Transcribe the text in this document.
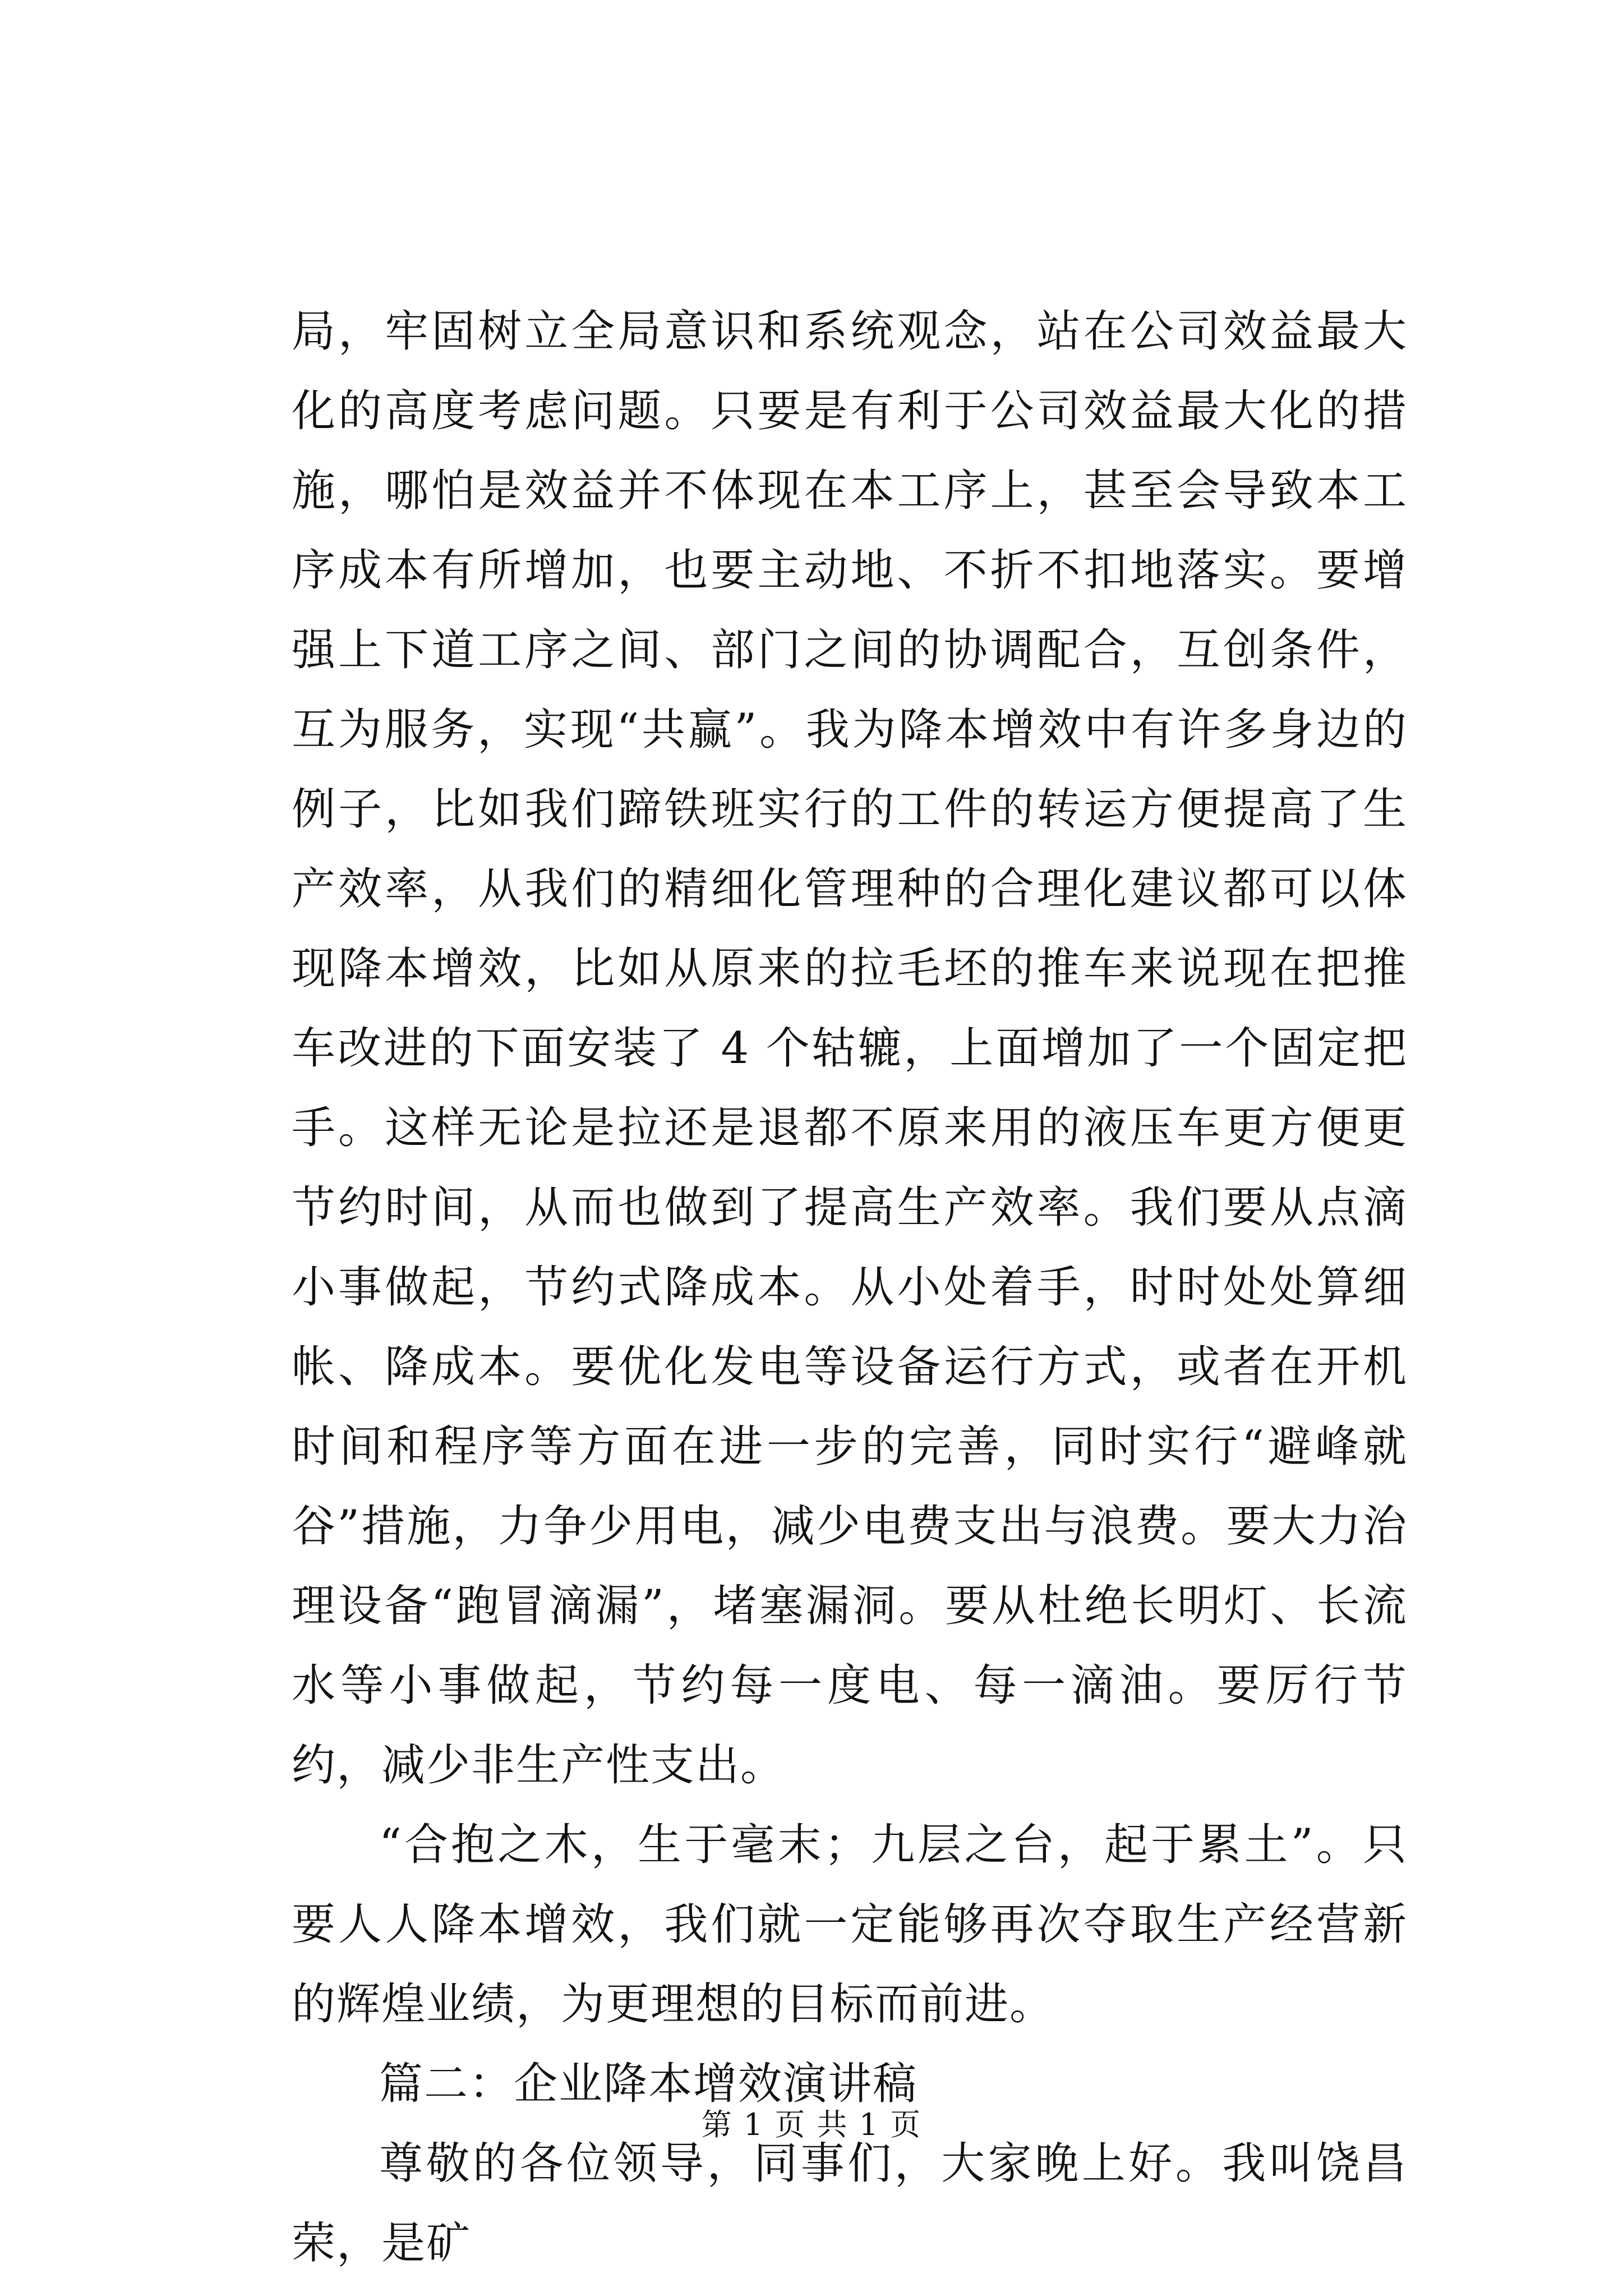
局，牢固树立全局意识和系统观念，站在公司效益最大化的高度考虑问题。只要是有利于公司效益最大化的措施，哪怕是效益并不体现在本工序上，甚至会导致本工序成本有所增加，也要主动地、不折不扣地落实。要增强上下道工序之间、部门之间的协调配合，互创条件，互为服务，实现“共赢”。我为降本增效中有许多身边的例子，比如我们蹄铁班实行的工件的转运方便提高了生产效率，从我们的精细化管理种的合理化建议都可以体现降本增效，比如从原来的拉毛坯的推车来说现在把推车改进的下面安装了 4 个轱辘，上面增加了一个固定把手。这样无论是拉还是退都不原来用的液压车更方便更节约时间，从而也做到了提高生产效率。我们要从点滴小事做起，节约式降成本。从小处着手，时时处处算细帐、降成本。要优化发电等设备运行方式，或者在开机时间和程序等方面在进一步的完善，同时实行“避峰就谷”措施，力争少用电，减少电费支出与浪费。要大力治理设备“跑冒滴漏”，堵塞漏洞。要从杜绝长明灯、长流水等小事做起，节约每一度电、每一滴油。要厉行节约，减少非生产性支出。

“合抱之木，生于毫末；九层之台，起于累土”。只要人人降本增效，我们就一定能够再次夺取生产经营新的辉煌业绩，为更理想的目标而前进。

篇二：企业降本增效演讲稿

尊敬的各位领导，同事们，大家晚上好。我叫饶昌荣，是矿

第 1 页 共 1 页
